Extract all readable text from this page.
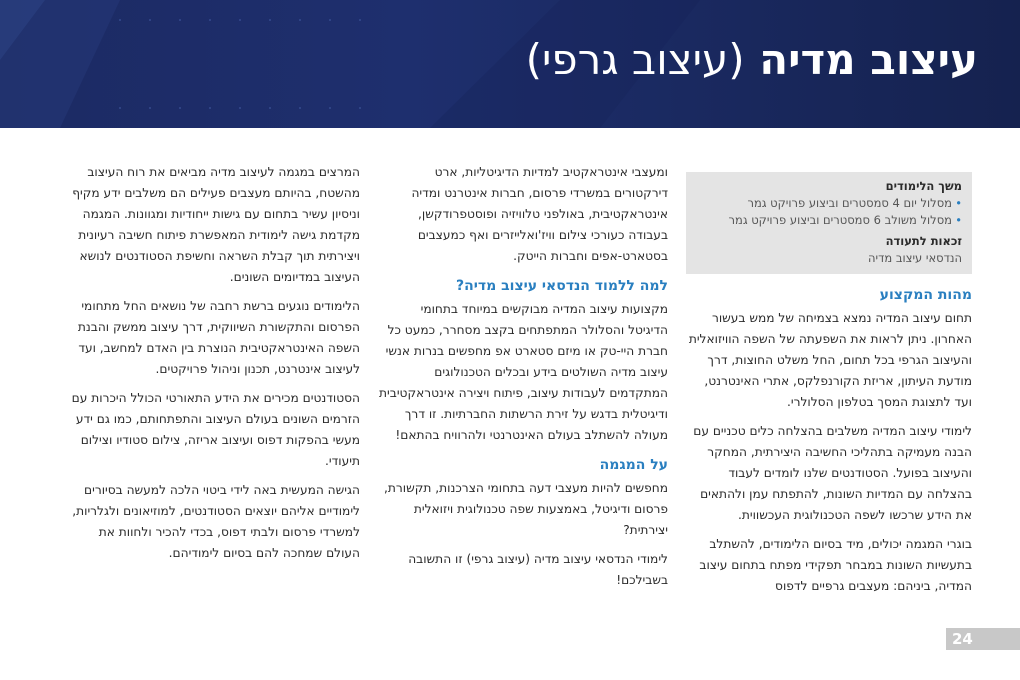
עיצוב מדיה (עיצוב גרפי)
משך הלימודים
• מסלול יום 4 סמסטרים וביצוע פרויקט גמר
• מסלול משולב 6 סמסטרים וביצוע פרויקט גמר
זכאות לתעודה
הנדסאי עיצוב מדיה
מהות המקצוע

תחום עיצוב המדיה נמצא בצמיחה של ממש בעשור האחרון. ניתן לראות את השפעתה של השפה הוויזואלית והעיצוב הגרפי בכל תחום, החל משלט החוצות, דרך מודעת העיתון, אריזת הקורנפלקס, אתרי האינטרנט, ועד לתצוגת המסך בטלפון הסלולרי.

לימודי עיצוב המדיה משלבים בהצלחה כלים טכניים עם הבנה מעמיקה בתהליכי החשיבה היצירתית, המחקר והעיצוב בפועל. הסטודנטים שלנו לומדים לעבוד בהצלחה עם המדיות השונות, להתפתח עמן ולהתאים את הידע שרכשו לשפה הטכנולוגית העכשווית.

בוגרי המגמה יכולים, מיד בסיום הלימודים, להשתלב בתעשיות השונות במבחר תפקידי מפתח בתחום עיצוב המדיה, ביניהם: מעצבים גרפיים לדפוס

ומעצבי אינטראקטיב למדיות הדיגיטליות, ארט דירקטורים במשרדי פרסום, חברות אינטרנט ומדיה אינטראקטיבית, באולפני טלוויזיה ופוסטפרודקשן, בעבודה כעורכי צילום וויז'ואלייזרים ואף כמעצבים בסטארט-אפים וחברות הייטק.

למה ללמוד הנדסאי עיצוב מדיה?

מקצועות עיצוב המדיה מבוקשים במיוחד בתחומי הדיגיטל והסלולר המתפתחים בקצב מסחרר, כמעט כל חברת היי-טק או מיזם סטארט אפ מחפשים בנרות אנשי עיצוב מדיה השולטים בידע ובכלים הטכנולוגים המתקדמים לעבודות עיצוב, פיתוח ויצירה אינטראקטיבית ודיגיטלית בדגש על זירת הרשתות החברתיות. זו דרך מעולה להשתלב בעולם האינטרנטי ולהרוויח בהתאם!

על המגמה

מחפשים להיות מעצבי דעה בתחומי הצרכנות, תקשורת, פרסום ודיגיטל, באמצעות שפה טכנולוגית ויזואלית יצירתית?

לימודי הנדסאי עיצוב מדיה (עיצוב גרפי) זו התשובה בשבילכם!

המרצים במגמה לעיצוב מדיה מביאים את רוח העיצוב מהשטח, בהיותם מעצבים פעילים הם משלבים ידע מקיף וניסיון עשיר בתחום עם גישות ייחודיות ומגוונות. המגמה מקדמת גישה לימודית המאפשרת פיתוח חשיבה רעיונית ויצירתית תוך קבלת השראה וחשיפת הסטודנטים לנושא העיצוב במדיומים השונים.

הלימודים נוגעים ברשת רחבה של נושאים החל מתחומי הפרסום והתקשורת השיווקית, דרך עיצוב ממשק והבנת השפה האינטראקטיבית הנוצרת בין האדם למחשב, ועד לעיצוב אינטרנט, תכנון וניהול פרויקטים.

הסטודנטים מכירים את הידע התאורטי הכולל היכרות עם הזרמים השונים בעולם העיצוב והתפתחותם, כמו גם ידע מעשי בהפקות דפוס ועיצוב אריזה, צילום סטודיו וצילום תיעודי.

הגישה המעשית באה לידי ביטוי הלכה למעשה בסיורים לימודיים אליהם יוצאים הסטודנטים, למוזיאונים ולגלריות, למשרדי פרסום ולבתי דפוס, בכדי להכיר ולחוות את העולם שמחכה להם בסיום לימודיהם.

24
